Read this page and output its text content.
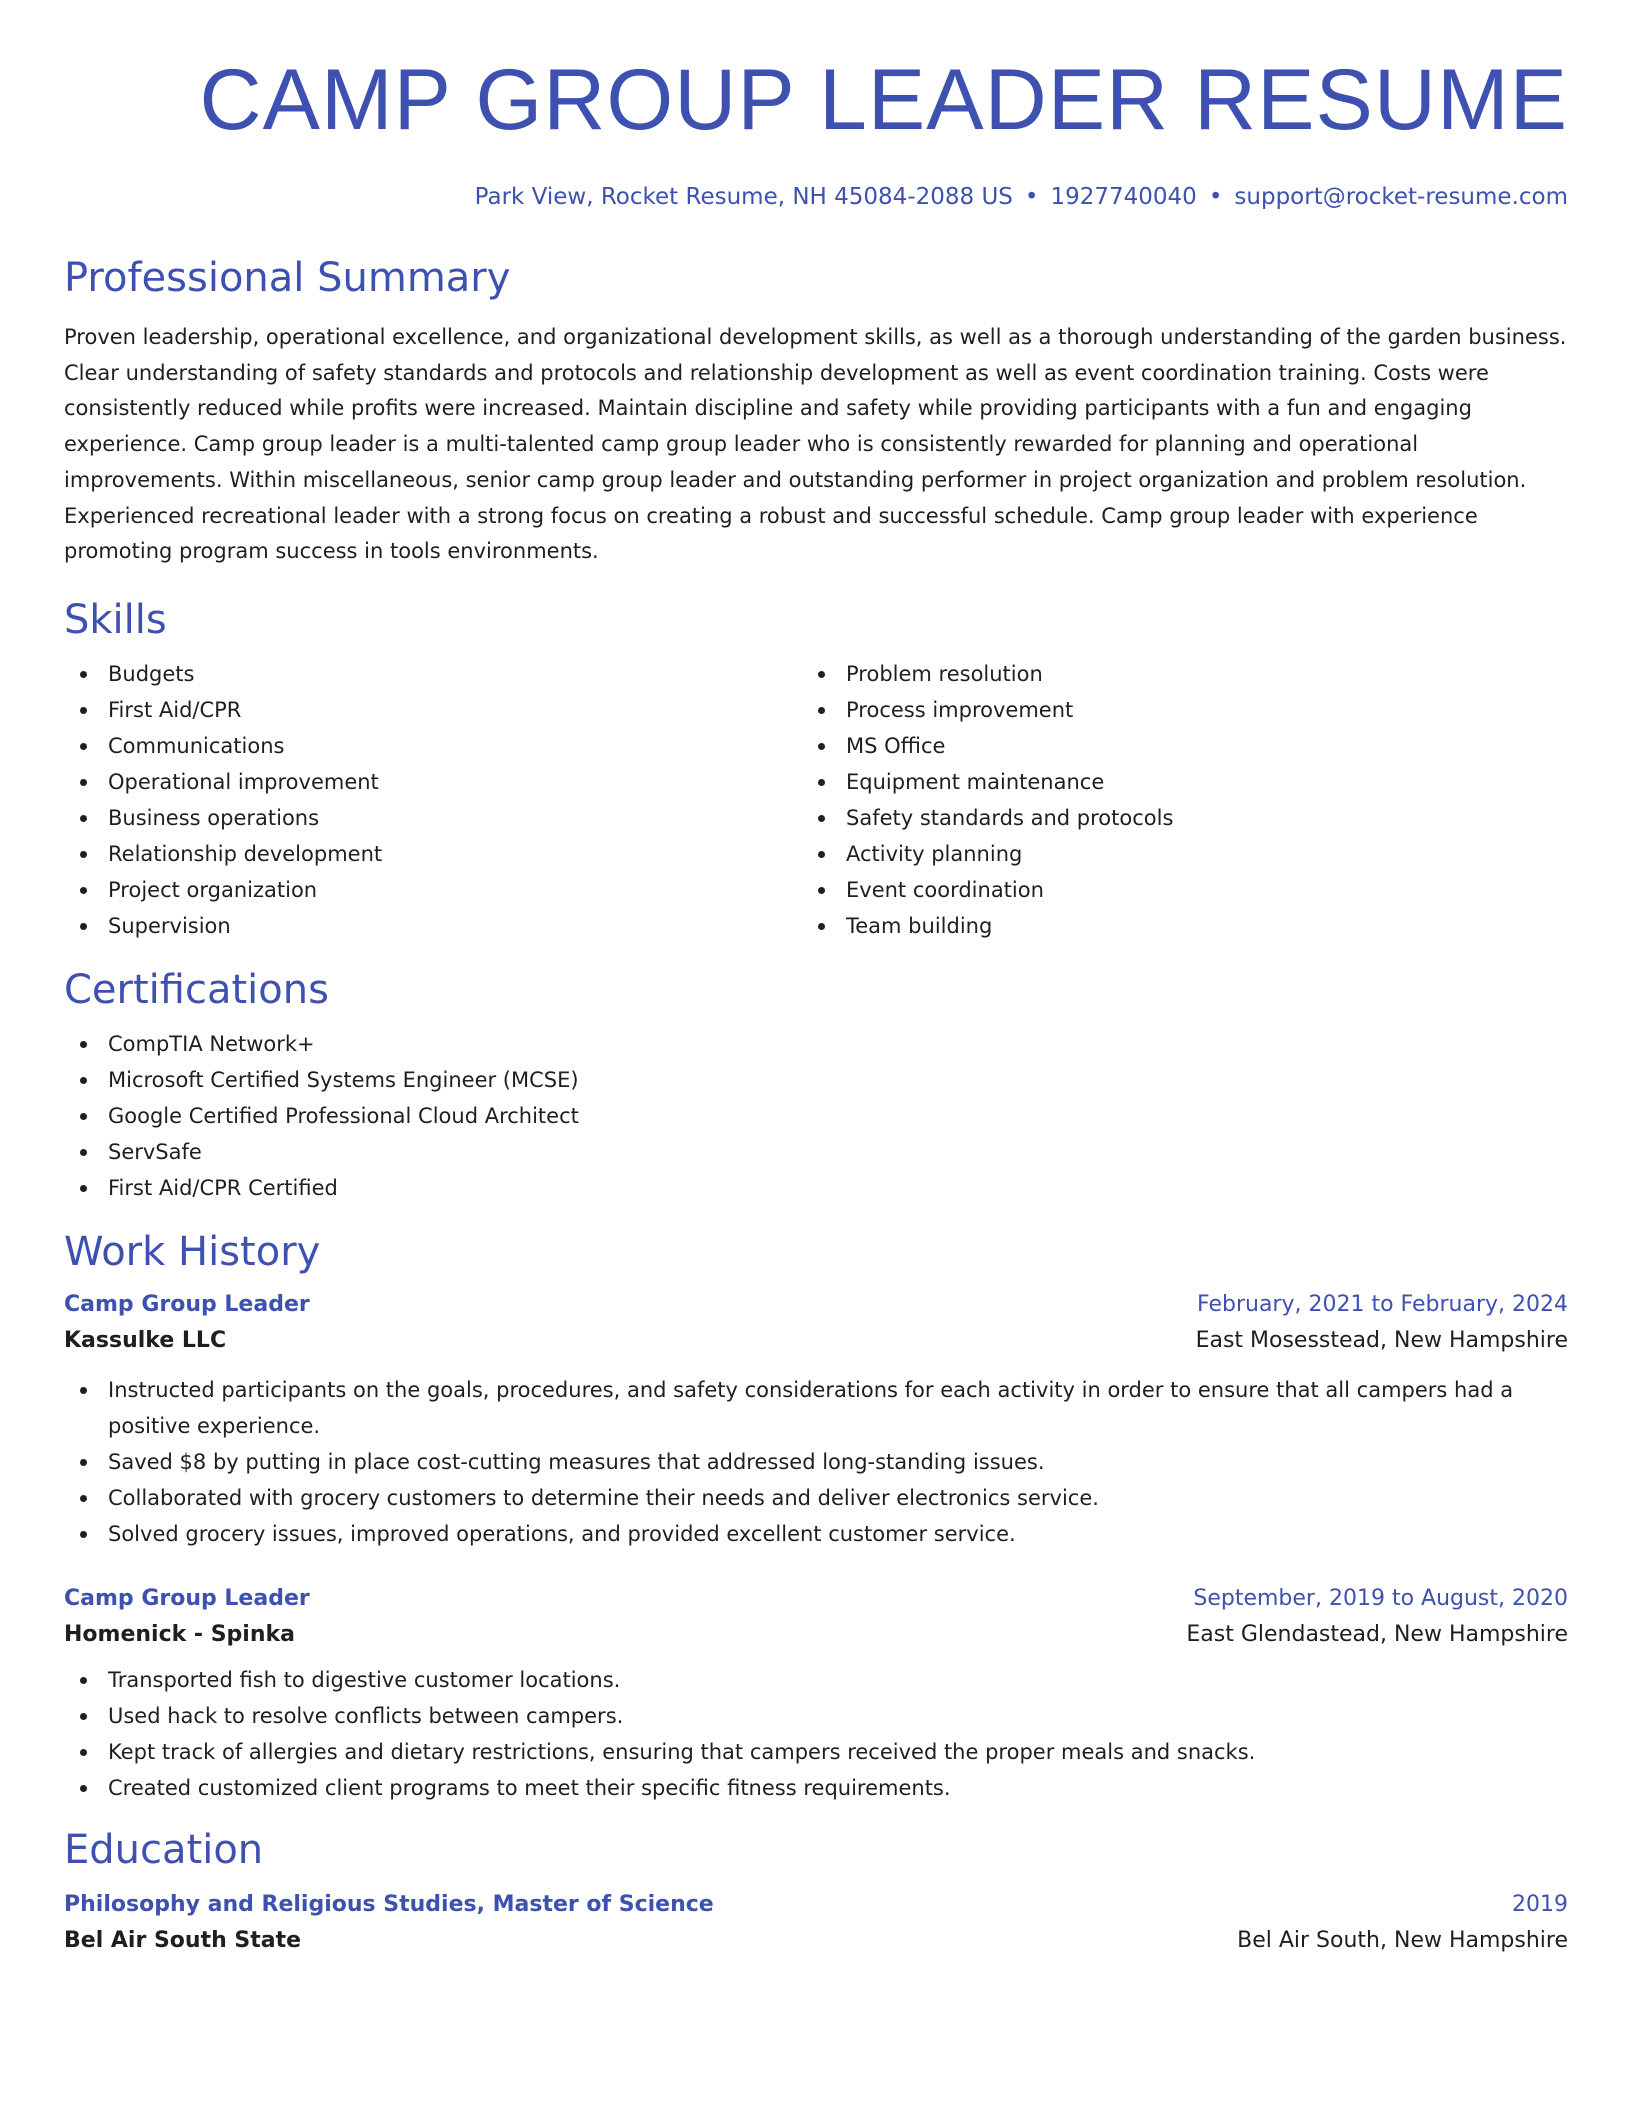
CAMP GROUP LEADER RESUME
Park View, Rocket Resume, NH 45084-2088 US • 1927740040 • support@rocket-resume.com
Professional Summary

Proven leadership, operational excellence, and organizational development skills, as well as a thorough understanding of the garden business. Clear understanding of safety standards and protocols and relationship development as well as event coordination training. Costs were consistently reduced while profits were increased. Maintain discipline and safety while providing participants with a fun and engaging experience. Camp group leader is a multi-talented camp group leader who is consistently rewarded for planning and operational improvements. Within miscellaneous, senior camp group leader and outstanding performer in project organization and problem resolution. Experienced recreational leader with a strong focus on creating a robust and successful schedule. Camp group leader with experience promoting program success in tools environments.

Skills
Budgets
First Aid/CPR
Communications
Operational improvement
Business operations
Relationship development
Project organization
Supervision
Problem resolution
Process improvement
MS Office
Equipment maintenance
Safety standards and protocols
Activity planning
Event coordination
Team building
Certifications
CompTIA Network+
Microsoft Certified Systems Engineer (MCSE)
Google Certified Professional Cloud Architect
ServSafe
First Aid/CPR Certified
Work History
Camp Group Leader	February, 2021 to February, 2024
Kassulke LLC	East Mosesstead, New Hampshire
Instructed participants on the goals, procedures, and safety considerations for each activity in order to ensure that all campers had a positive experience.
Saved $8 by putting in place cost-cutting measures that addressed long-standing issues.
Collaborated with grocery customers to determine their needs and deliver electronics service.
Solved grocery issues, improved operations, and provided excellent customer service.
Camp Group Leader	September, 2019 to August, 2020
Homenick - Spinka	East Glendastead, New Hampshire
Transported fish to digestive customer locations.
Used hack to resolve conflicts between campers.
Kept track of allergies and dietary restrictions, ensuring that campers received the proper meals and snacks.
Created customized client programs to meet their specific fitness requirements.
Education
Philosophy and Religious Studies, Master of Science	2019
Bel Air South State	Bel Air South, New Hampshire
